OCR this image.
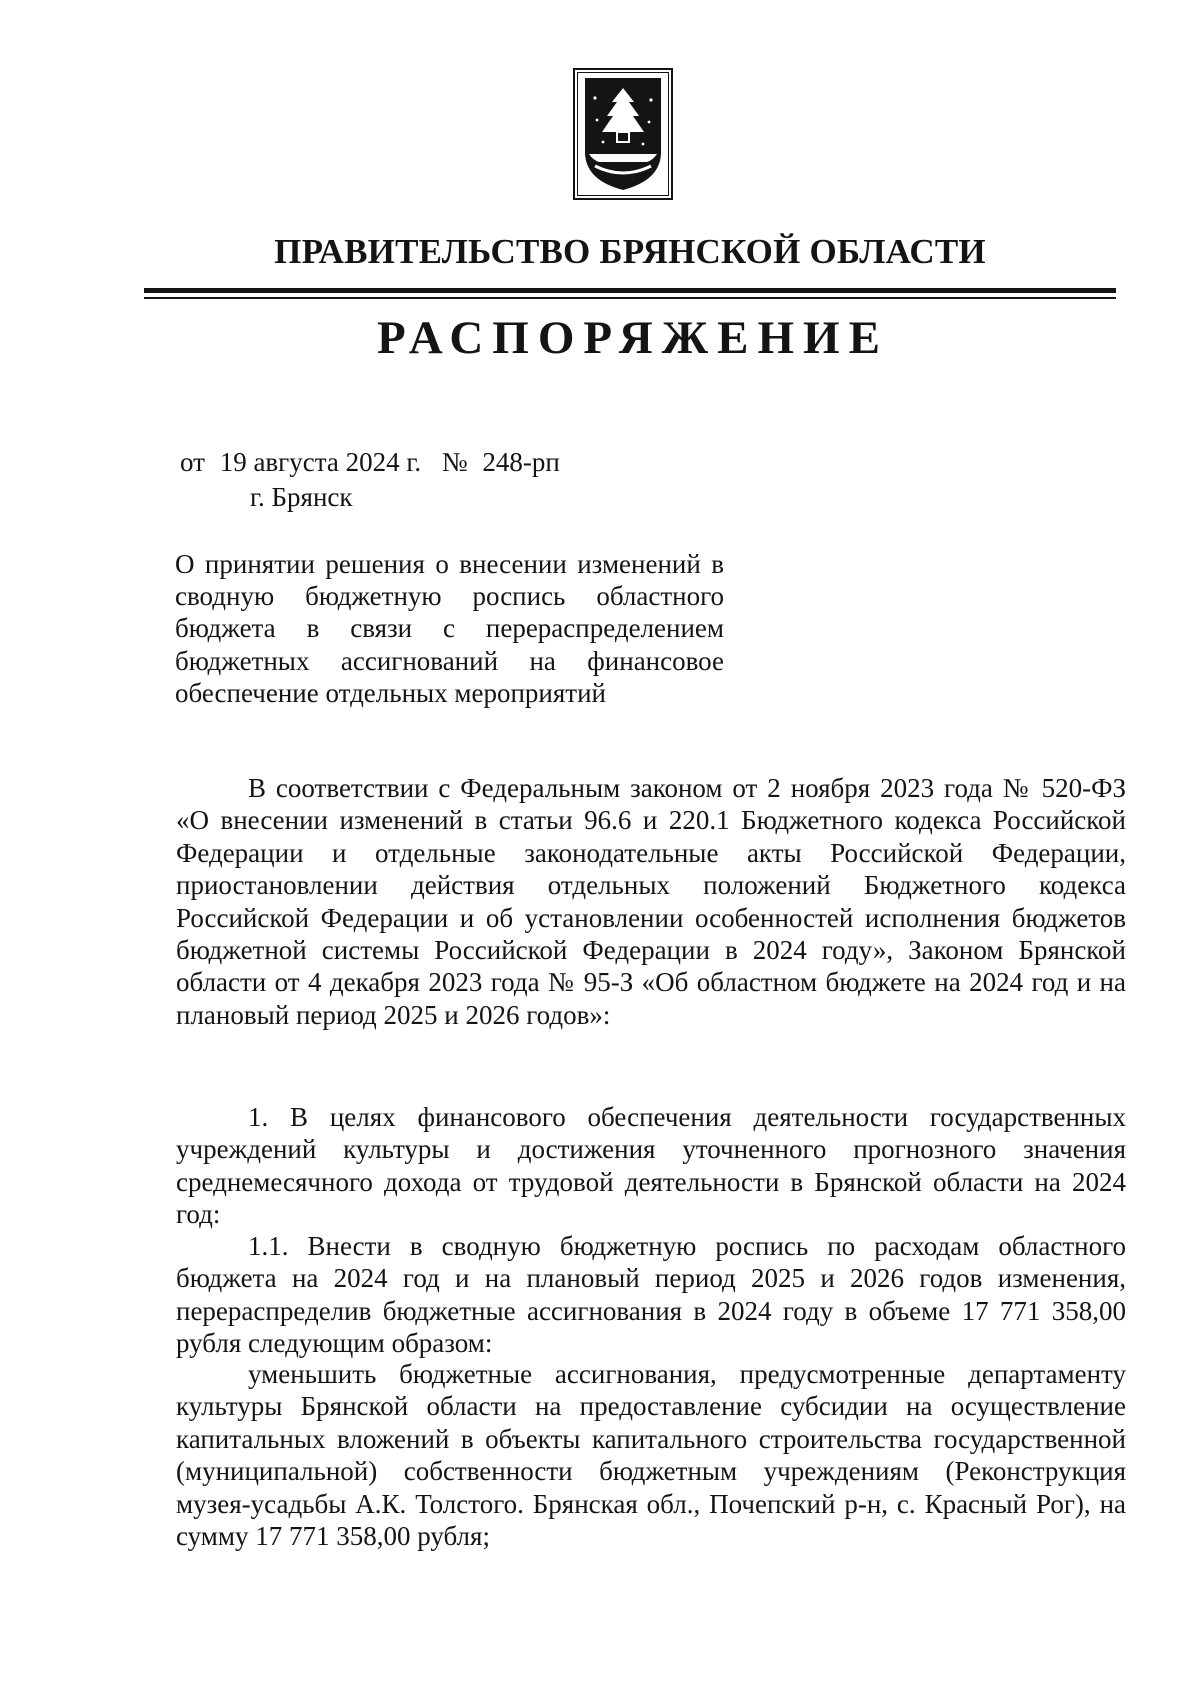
ПРАВИТЕЛЬСТВО БРЯНСКОЙ ОБЛАСТИ
РАСПОРЯЖЕНИЕ
от 19 августа 2024 г. № 248-рп
г. Брянск
О принятии решения о внесении изменений в сводную бюджетную роспись областного бюджета в связи с перераспределением бюджетных ассигнований на финансовое обеспечение отдельных мероприятий

В соответствии с Федеральным законом от 2 ноября 2023 года № 520-ФЗ «О внесении изменений в статьи 96.6 и 220.1 Бюджетного кодекса Российской Федерации и отдельные законодательные акты Российской Федерации, приостановлении действия отдельных положений Бюджетного кодекса Российской Федерации и об установлении особенностей исполнения бюджетов бюджетной системы Российской Федерации в 2024 году», Законом Брянской области от 4 декабря 2023 года № 95-З «Об областном бюджете на 2024 год и на плановый период 2025 и 2026 годов»:

1. В целях финансового обеспечения деятельности государственных учреждений культуры и достижения уточненного прогнозного значения среднемесячного дохода от трудовой деятельности в Брянской области на 2024 год:

1.1. Внести в сводную бюджетную роспись по расходам областного бюджета на 2024 год и на плановый период 2025 и 2026 годов изменения, перераспределив бюджетные ассигнования в 2024 году в объеме 17 771 358,00 рубля следующим образом:

уменьшить бюджетные ассигнования, предусмотренные департаменту культуры Брянской области на предоставление субсидии на осуществление капитальных вложений в объекты капитального строительства государственной (муниципальной) собственности бюджетным учреждениям (Реконструкция музея-усадьбы А.К. Толстого. Брянская обл., Почепский р-н, с. Красный Рог), на сумму 17 771 358,00 рубля;
